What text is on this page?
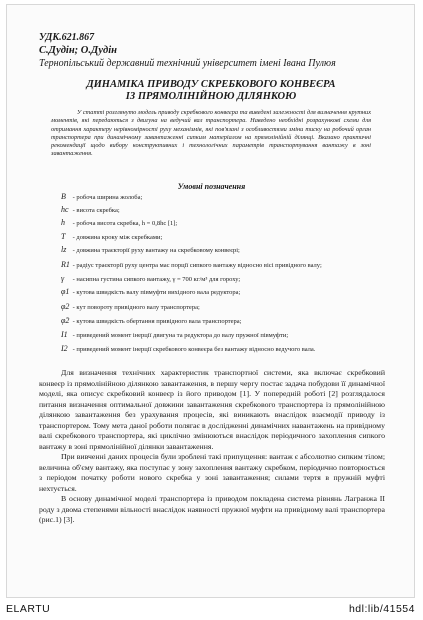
УДК.621.867
С.Дудін; О.Дудін
Тернопільський державний технічний університет імені Івана Пулюя
ДИНАМІКА ПРИВОДУ СКРЕБКОВОГО КОНВЕЄРА
ІЗ ПРЯМОЛІНІЙНОЮ ДІЛЯНКОЮ
У статті розглянуто модель приводу скребкового конвеєра та виведені залежності для визначення крутних моментів, які передаються з двигуна на ведучий вал транспортера. Наведено необхідні розрахункові схеми для отримання характеру нерівномірності руху механізмів, які пов'язані з особливостями зміни тиску на робочий орган транспортера при динамічному завантаженні сипким матеріалом на прямолінійній ділянці. Вказано практичні рекомендації щодо вибору конструктивних і технологічних параметрів транспортування вантажу в зоні завантаження.
Умовні позначення
B - робоча ширина жолоба;
hc - висота скребка;
h - робоча висота скребка, h = 0,8hc [1];
T - довжина кроку між скребками;
lz - довжина траєкторії руху вантажу на скребковому конвеєрі;
R1 - радіус траєкторії руху центра мас порції сипкого вантажу відносно вісі привідного валу;
γ - насипна густина сипкого вантажу, γ = 700 кг/м³ для гороху;
φ1 - кутова швидкість валу півмуфти вихідного вала редуктора;
φ2 - кут повороту привідного валу транспортера;
φ̇2 - кутова швидкість обертання привідного вала транспортера;
I1 - приведений момент інерції двигуна та редуктора до валу пружної півмуфти;
I2 - приведений момент інерції скребкового конвеєра без вантажу відносно ведучого вала.

Для визначення технічних характеристик транспортної системи, яка включає скребковий конвеєр із прямолінійною ділянкою завантаження, в першу чергу постає задача побудови її динамічної моделі, яка описує скребковий конвеєр із його приводом [1]. У попередній роботі [2] розглядалося питання визначення оптимальної довжини завантаження скребкового транспортера із прямолінійною ділянкою завантаження без урахування процесів, які виникають внаслідок взаємодії приводу із транспортером. Тому мета даної роботи полягає в дослідженні динамічних навантажень на привідному валі скребкового транспортера, які циклічно змінюються внаслідок періодичного захоплення сипкого вантажу в зоні прямолінійної ділянки завантаження.

При вивченні даних процесів були зроблені такі припущення: вантаж є абсолютно сипким тілом; величина об'єму вантажу, яка поступає у зону захоплення вантажу скребком, періодично повторюється з періодом початку роботи нового скребка у зоні завантаження; силами тертя в пружній муфті нехтується.

В основу динамічної моделі транспортера із приводом покладена система рівнянь Лагранжа II роду з двома степенями вільності внаслідок наявності пружної муфти на привідному валі транспортера (рис.1) [3].

ELARTU	hdl:lib/41554
